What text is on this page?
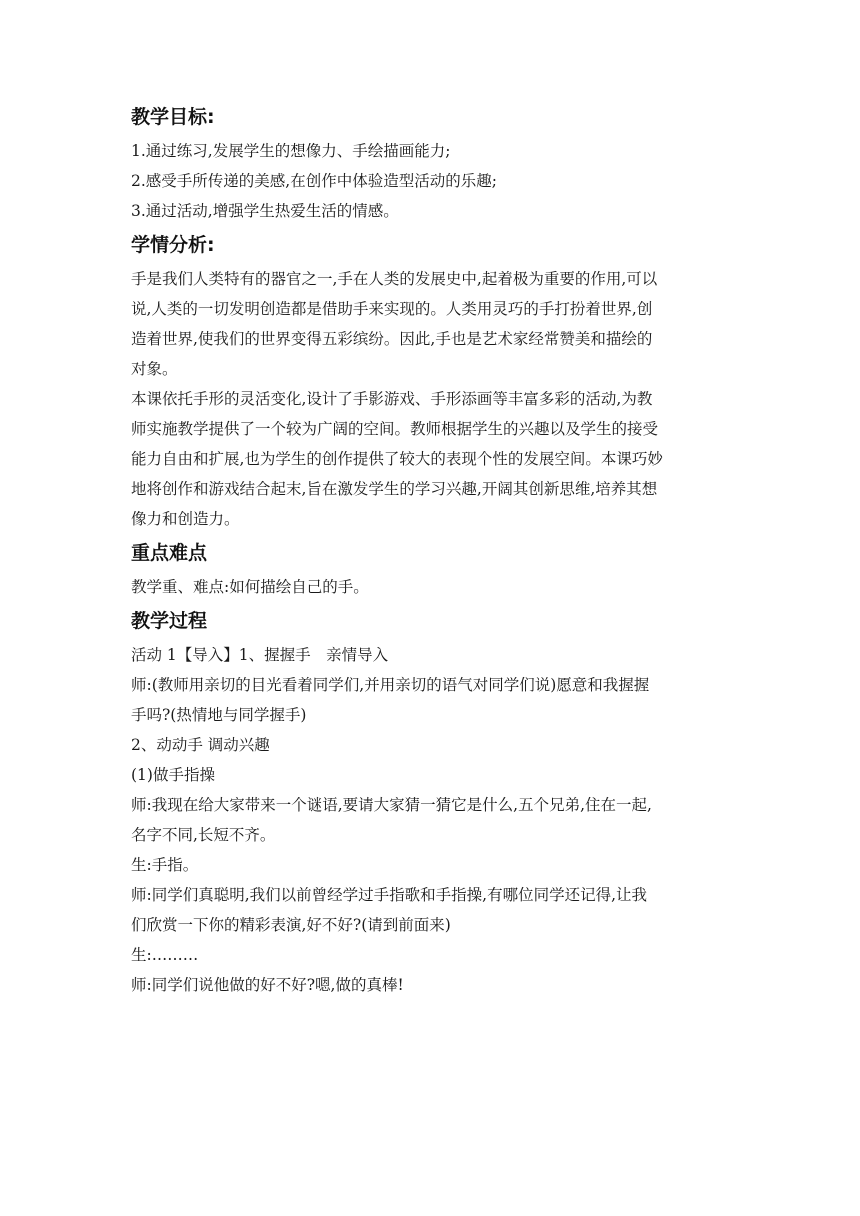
教学目标:

1.通过练习,发展学生的想像力、手绘描画能力;

2.感受手所传递的美感,在创作中体验造型活动的乐趣;

3.通过活动,增强学生热爱生活的情感。

学情分析:

手是我们人类特有的器官之一,手在人类的发展史中,起着极为重要的作用,可以
说,人类的一切发明创造都是借助手来实现的。人类用灵巧的手打扮着世界,创
造着世界,使我们的世界变得五彩缤纷。因此,手也是艺术家经常赞美和描绘的
对象。

本课依托手形的灵活变化,设计了手影游戏、手形添画等丰富多彩的活动,为教
师实施教学提供了一个较为广阔的空间。教师根据学生的兴趣以及学生的接受
能力自由和扩展,也为学生的创作提供了较大的表现个性的发展空间。本课巧妙
地将创作和游戏结合起末,旨在激发学生的学习兴趣,开阔其创新思维,培养其想
像力和创造力。

重点难点

教学重、难点:如何描绘自己的手。

教学过程

活动 1【导入】1、握握手　亲情导入

师:(教师用亲切的目光看着同学们,并用亲切的语气对同学们说)愿意和我握握

手吗?(热情地与同学握手)

2、动动手 调动兴趣

(1)做手指操

师:我现在给大家带来一个谜语,要请大家猜一猜它是什么,五个兄弟,住在一起,

名字不同,长短不齐。

生:手指。

师:同学们真聪明,我们以前曾经学过手指歌和手指操,有哪位同学还记得,让我

们欣赏一下你的精彩表演,好不好?(请到前面来)

生:………

师:同学们说他做的好不好?嗯,做的真棒!
